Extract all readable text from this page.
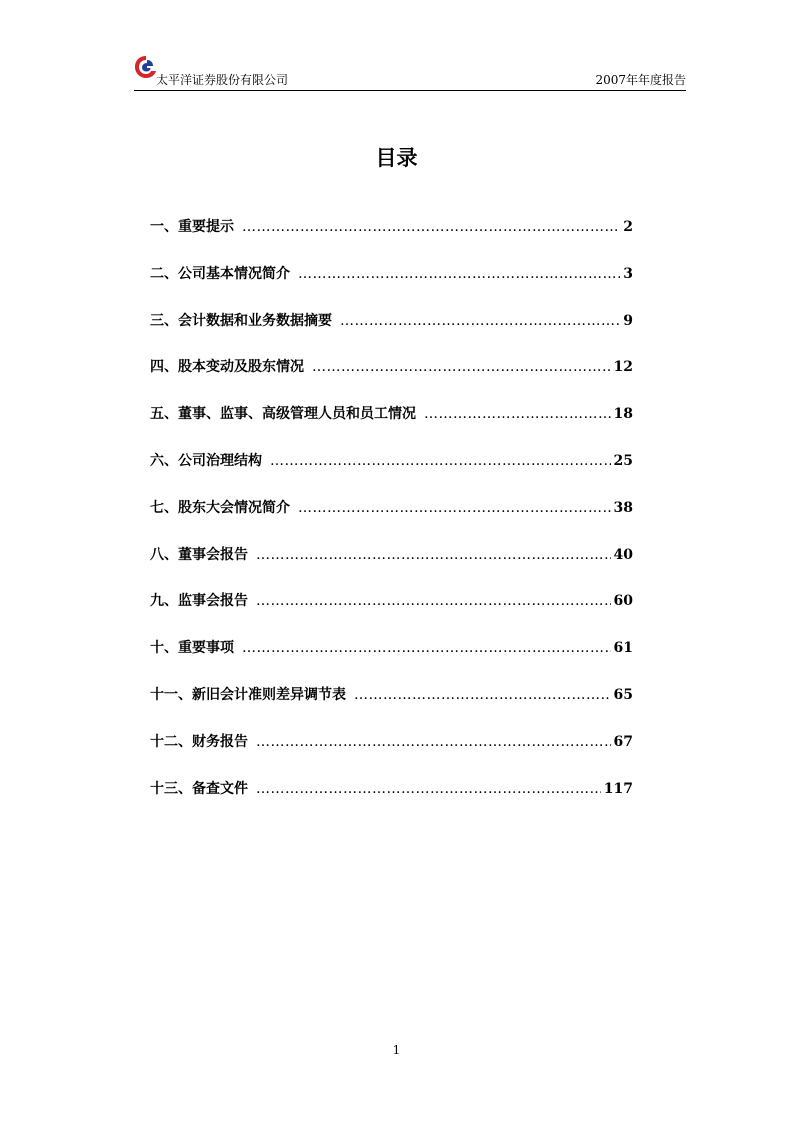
太平洋证券股份有限公司	2007年年度报告
目录
一、重要提示 ……………………………………………………………………………………………………………………………………………………	2
二、公司基本情况简介 ……………………………………………………………………………………………………………………………………………………	3
三、会计数据和业务数据摘要 ……………………………………………………………………………………………………………………………………………………	9
四、股本变动及股东情况 ……………………………………………………………………………………………………………………………………………………	12
五、董事、监事、高级管理人员和员工情况 ……………………………………………………………………………………………………………………………………………………	18
六、公司治理结构 ……………………………………………………………………………………………………………………………………………………	25
七、股东大会情况简介 ……………………………………………………………………………………………………………………………………………………	38
八、董事会报告 ……………………………………………………………………………………………………………………………………………………	40
九、监事会报告 ……………………………………………………………………………………………………………………………………………………	60
十、重要事项 ……………………………………………………………………………………………………………………………………………………	61
十一、新旧会计准则差异调节表 ……………………………………………………………………………………………………………………………………………………	65
十二、财务报告 ……………………………………………………………………………………………………………………………………………………	67
十三、备查文件 ……………………………………………………………………………………………………………………………………………………	117
1
